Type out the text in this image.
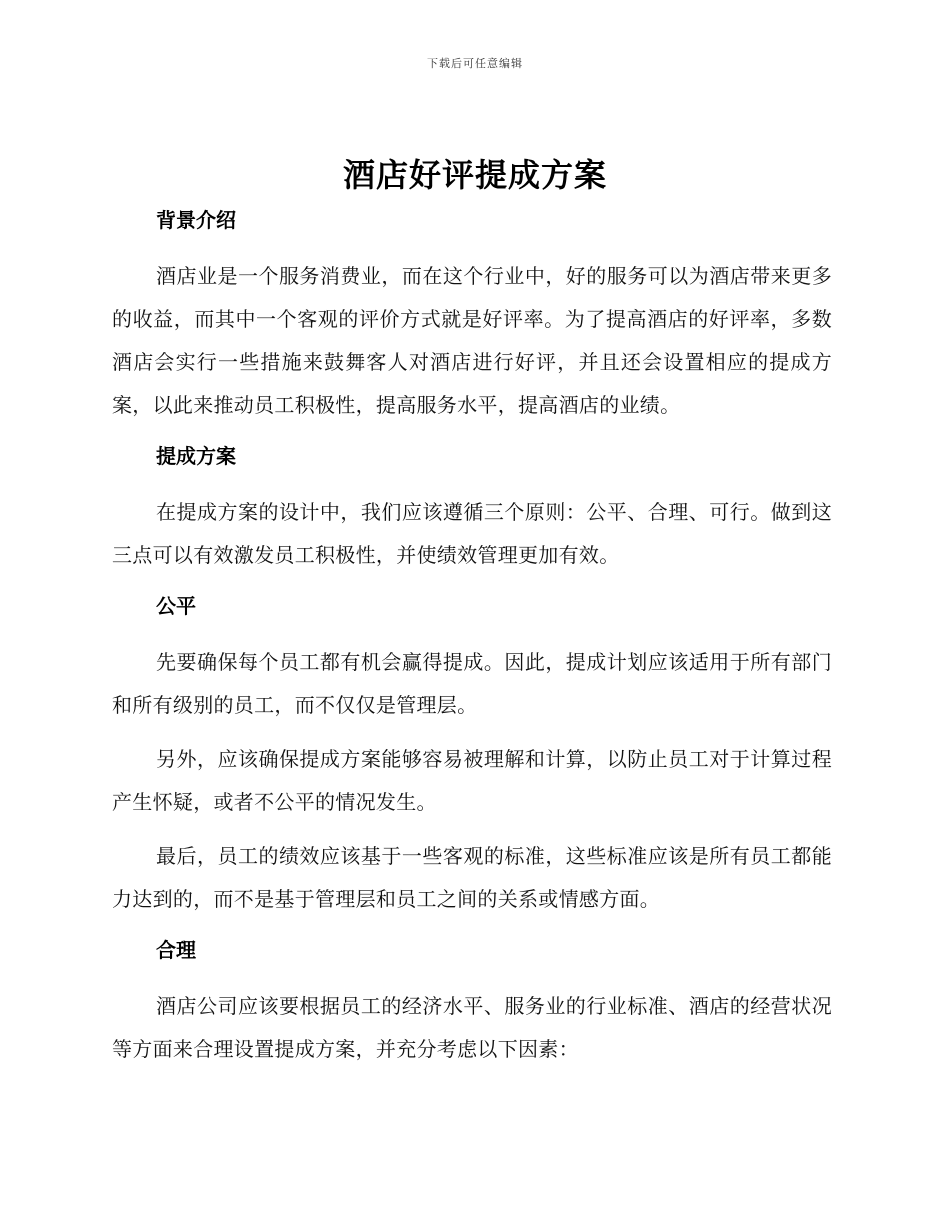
下载后可任意编辑
酒店好评提成方案
背景介绍

酒店业是一个服务消费业，而在这个行业中，好的服务可以为酒店带来更多的收益，而其中一个客观的评价方式就是好评率。为了提高酒店的好评率，多数酒店会实行一些措施来鼓舞客人对酒店进行好评，并且还会设置相应的提成方案，以此来推动员工积极性，提高服务水平，提高酒店的业绩。

提成方案

在提成方案的设计中，我们应该遵循三个原则：公平、合理、可行。做到这三点可以有效激发员工积极性，并使绩效管理更加有效。

公平

先要确保每个员工都有机会赢得提成。因此，提成计划应该适用于所有部门和所有级别的员工，而不仅仅是管理层。

另外，应该确保提成方案能够容易被理解和计算，以防止员工对于计算过程产生怀疑，或者不公平的情况发生。

最后，员工的绩效应该基于一些客观的标准，这些标准应该是所有员工都能力达到的，而不是基于管理层和员工之间的关系或情感方面。

合理

酒店公司应该要根据员工的经济水平、服务业的行业标准、酒店的经营状况等方面来合理设置提成方案，并充分考虑以下因素：
